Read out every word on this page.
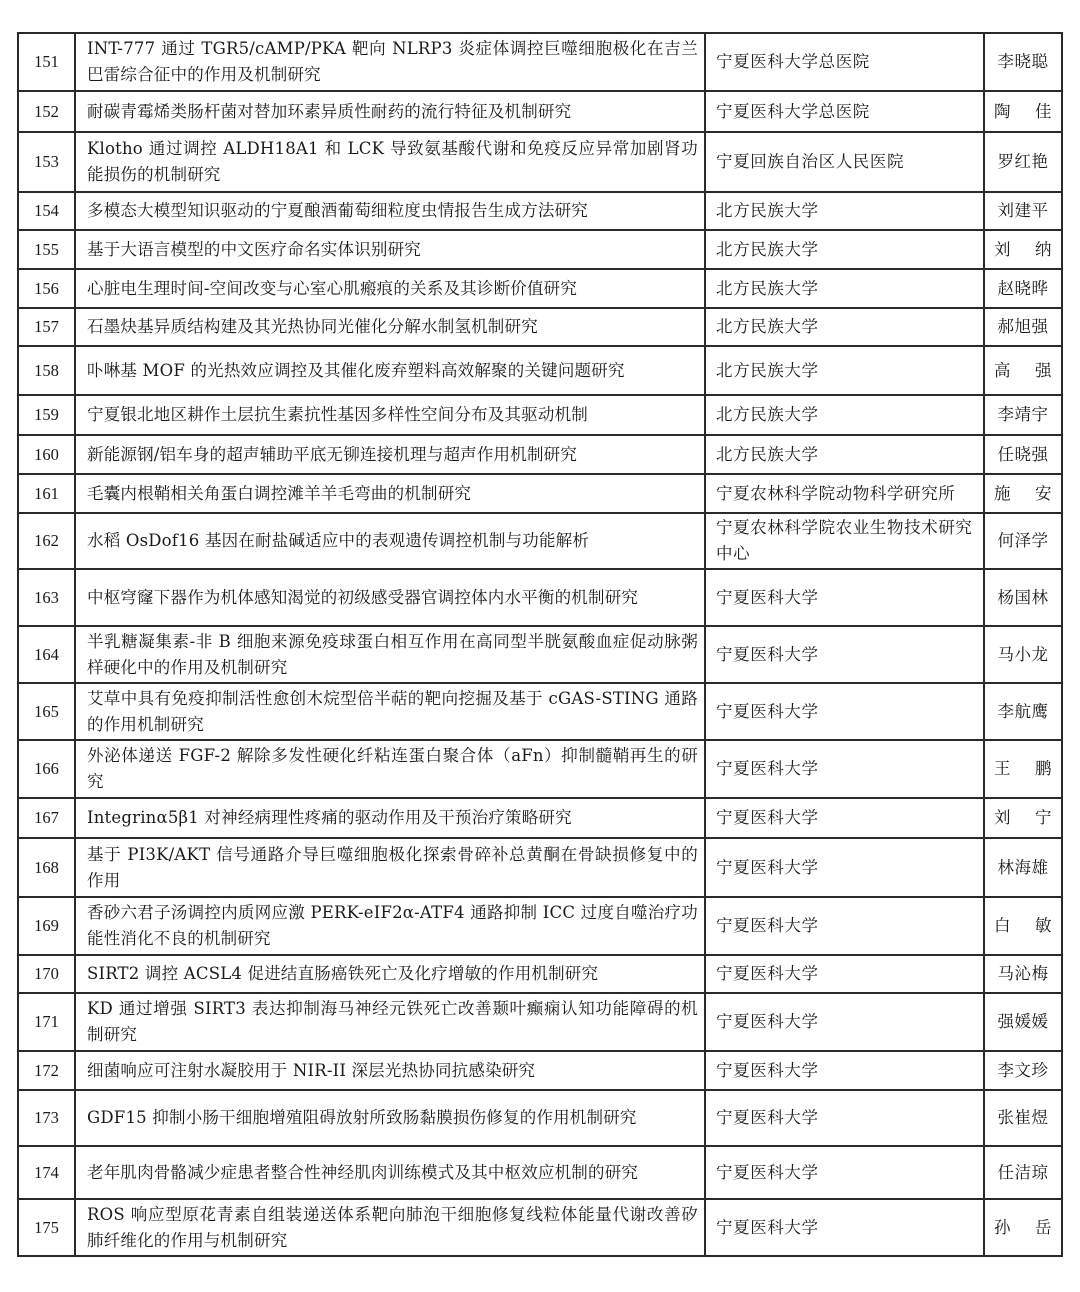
151	INT-777 通过 TGR5/cAMP/PKA 靶向 NLRP3 炎症体调控巨噬细胞极化在吉兰巴雷综合征中的作用及机制研究	宁夏医科大学总医院	李晓聪
152	耐碳青霉烯类肠杆菌对替加环素异质性耐药的流行特征及机制研究	宁夏医科大学总医院	陶 佳
153	Klotho 通过调控 ALDH18A1 和 LCK 导致氨基酸代谢和免疫反应异常加剧肾功能损伤的机制研究	宁夏回族自治区人民医院	罗红艳
154	多模态大模型知识驱动的宁夏酿酒葡萄细粒度虫情报告生成方法研究	北方民族大学	刘建平
155	基于大语言模型的中文医疗命名实体识别研究	北方民族大学	刘 纳
156	心脏电生理时间-空间改变与心室心肌瘢痕的关系及其诊断价值研究	北方民族大学	赵晓晔
157	石墨炔基异质结构建及其光热协同光催化分解水制氢机制研究	北方民族大学	郝旭强
158	卟啉基 MOF 的光热效应调控及其催化废弃塑料高效解聚的关键问题研究	北方民族大学	高 强
159	宁夏银北地区耕作土层抗生素抗性基因多样性空间分布及其驱动机制	北方民族大学	李靖宇
160	新能源钢/铝车身的超声辅助平底无铆连接机理与超声作用机制研究	北方民族大学	任晓强
161	毛囊内根鞘相关角蛋白调控滩羊羊毛弯曲的机制研究	宁夏农林科学院动物科学研究所	施 安
162	水稻 OsDof16 基因在耐盐碱适应中的表观遗传调控机制与功能解析	宁夏农林科学院农业生物技术研究中心	何泽学
163	中枢穹窿下器作为机体感知渴觉的初级感受器官调控体内水平衡的机制研究	宁夏医科大学	杨国林
164	半乳糖凝集素-非 B 细胞来源免疫球蛋白相互作用在高同型半胱氨酸血症促动脉粥样硬化中的作用及机制研究	宁夏医科大学	马小龙
165	艾草中具有免疫抑制活性愈创木烷型倍半萜的靶向挖掘及基于 cGAS-STING 通路的作用机制研究	宁夏医科大学	李航鹰
166	外泌体递送 FGF-2 解除多发性硬化纤粘连蛋白聚合体（aFn）抑制髓鞘再生的研究	宁夏医科大学	王 鹏
167	Integrinα5β1 对神经病理性疼痛的驱动作用及干预治疗策略研究	宁夏医科大学	刘 宁
168	基于 PI3K/AKT 信号通路介导巨噬细胞极化探索骨碎补总黄酮在骨缺损修复中的作用	宁夏医科大学	林海雄
169	香砂六君子汤调控内质网应激 PERK-eIF2α-ATF4 通路抑制 ICC 过度自噬治疗功能性消化不良的机制研究	宁夏医科大学	白 敏
170	SIRT2 调控 ACSL4 促进结直肠癌铁死亡及化疗增敏的作用机制研究	宁夏医科大学	马沁梅
171	KD 通过增强 SIRT3 表达抑制海马神经元铁死亡改善颞叶癫痫认知功能障碍的机制研究	宁夏医科大学	强媛媛
172	细菌响应可注射水凝胶用于 NIR-II 深层光热协同抗感染研究	宁夏医科大学	李文珍
173	GDF15 抑制小肠干细胞增殖阻碍放射所致肠黏膜损伤修复的作用机制研究	宁夏医科大学	张崔煜
174	老年肌肉骨骼减少症患者整合性神经肌肉训练模式及其中枢效应机制的研究	宁夏医科大学	任洁琼
175	ROS 响应型原花青素自组装递送体系靶向肺泡干细胞修复线粒体能量代谢改善矽肺纤维化的作用与机制研究	宁夏医科大学	孙 岳
